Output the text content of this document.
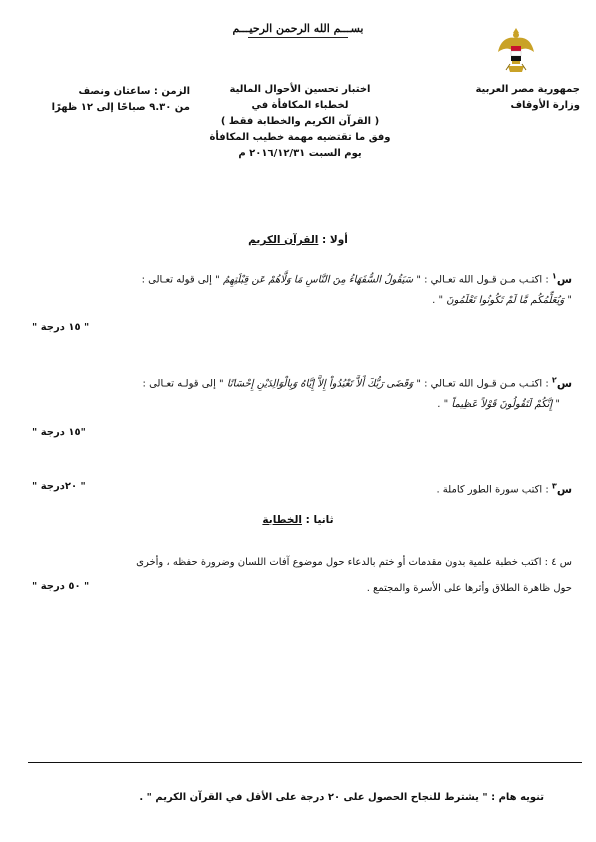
بســـم الله الرحمن الرحيـــم
جمهورية مصر العربية
وزارة الأوقاف
اختبار تحسين الأحوال المالية
لخطباء المكافأة في
( القرآن الكريم والخطابة فقط )
وفق ما تقتضيه مهمة خطيب المكافأة
يوم السبت ٢٠١٦/١٢/٣١ م
الزمن : ساعتان ونصف
من ٩.٣٠ صباحًا إلى ١٢ ظهرًا
أولا : القرآن الكريم
س$^١$ : اكتـب مـن قـول الله تعـالي : " سَيَقُولُ السُّفَهَاءُ مِنَ النَّاسِ مَا وَلَّاهُمْ عَن قِبْلَتِهِمُ " إلى قوله تعـالى :
" وَيُعَلِّمُكُم مَّا لَمْ تَكُونُوا تَعْلَمُونَ " .
" ١٥ درجة "
س$^٢$ : اكتـب مـن قـول الله تعـالي : " وَقَضَى رَبُّكَ أَلاَّ تَعْبُدُواْ إِلاَّ إِيَّاهُ وَبِالْوَالِدَيْنِ إِحْسَانًا " إلى قولـه تعـالى :
" إِنَّكُمْ لَتَقُولُونَ قَوْلاً عَظِيماً " .
"١٥ درجة "
س$^٣$ : اكتب سورة الطور كاملة .
" ٢٠درجة "
ثانيا : الخطابة
س ٤ : اكتب خطبة علمية بدون مقدمات أو ختم بالدعاء حول موضوع آفات اللسان وضرورة حفظه ، وأخرى
حول ظاهرة الطلاق وأثرها على الأسرة والمجتمع .
" ٥٠ درجة "
تنويه هام : " يشترط للنجاح الحصول على ٢٠ درجة على الأقل في القرآن الكريم " .
